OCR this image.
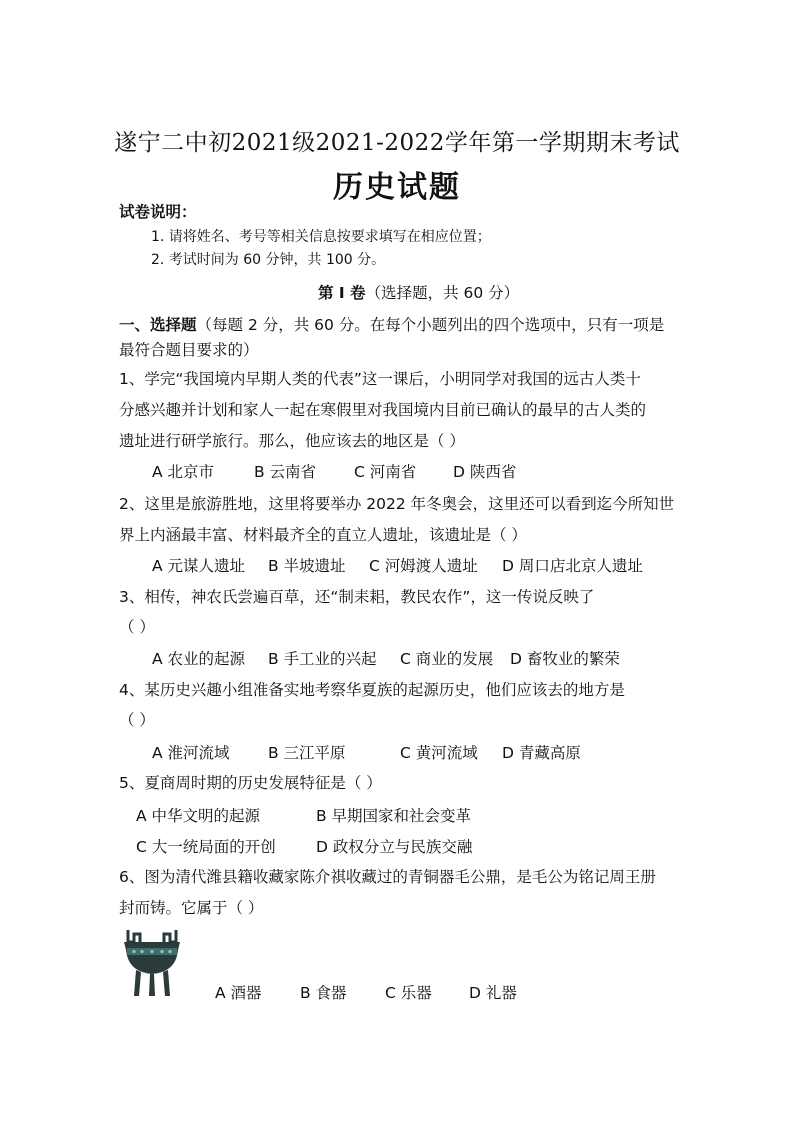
遂宁二中初2021级2021-2022学年第一学期期末考试
历史试题
试卷说明：
1. 请将姓名、考号等相关信息按要求填写在相应位置；
2. 考试时间为 60 分钟，共 100 分。
第 Ⅰ 卷（选择题，共 60 分）
一、选择题（每题 2 分，共 60 分。在每个小题列出的四个选项中，只有一项是
最符合题目要求的）
1、学完“我国境内早期人类的代表”这一课后，小明同学对我国的远古人类十
分感兴趣并计划和家人一起在寒假里对我国境内目前已确认的最早的古人类的
遗址进行研学旅行。那么，他应该去的地区是（ ）
A 北京市	B 云南省 C 河南省 D 陕西省
2、这里是旅游胜地，这里将要举办 2022 年冬奥会，这里还可以看到迄今所知世
界上内涵最丰富、材料最齐全的直立人遗址，该遗址是（ ）
A 元谋人遗址 B 半坡遗址 C 河姆渡人遗址 D 周口店北京人遗址
3、相传，神农氏尝遍百草，还“制耒耜，教民农作”，这一传说反映了
（ ）
A 农业的起源 B 手工业的兴起 C 商业的发展 D 畜牧业的繁荣
4、某历史兴趣小组准备实地考察华夏族的起源历史，他们应该去的地方是
（ ）
A 淮河流域 B 三江平原	C 黄河流域 D 青藏高原
5、夏商周时期的历史发展特征是（ ）
A 中华文明的起源	B 早期国家和社会变革
C 大一统局面的开创	D 政权分立与民族交融
6、图为清代潍县籍收藏家陈介祺收藏过的青铜器毛公鼎，是毛公为铭记周王册
封而铸。它属于（ ）
A 酒器 B 食器 C 乐器 D 礼器
